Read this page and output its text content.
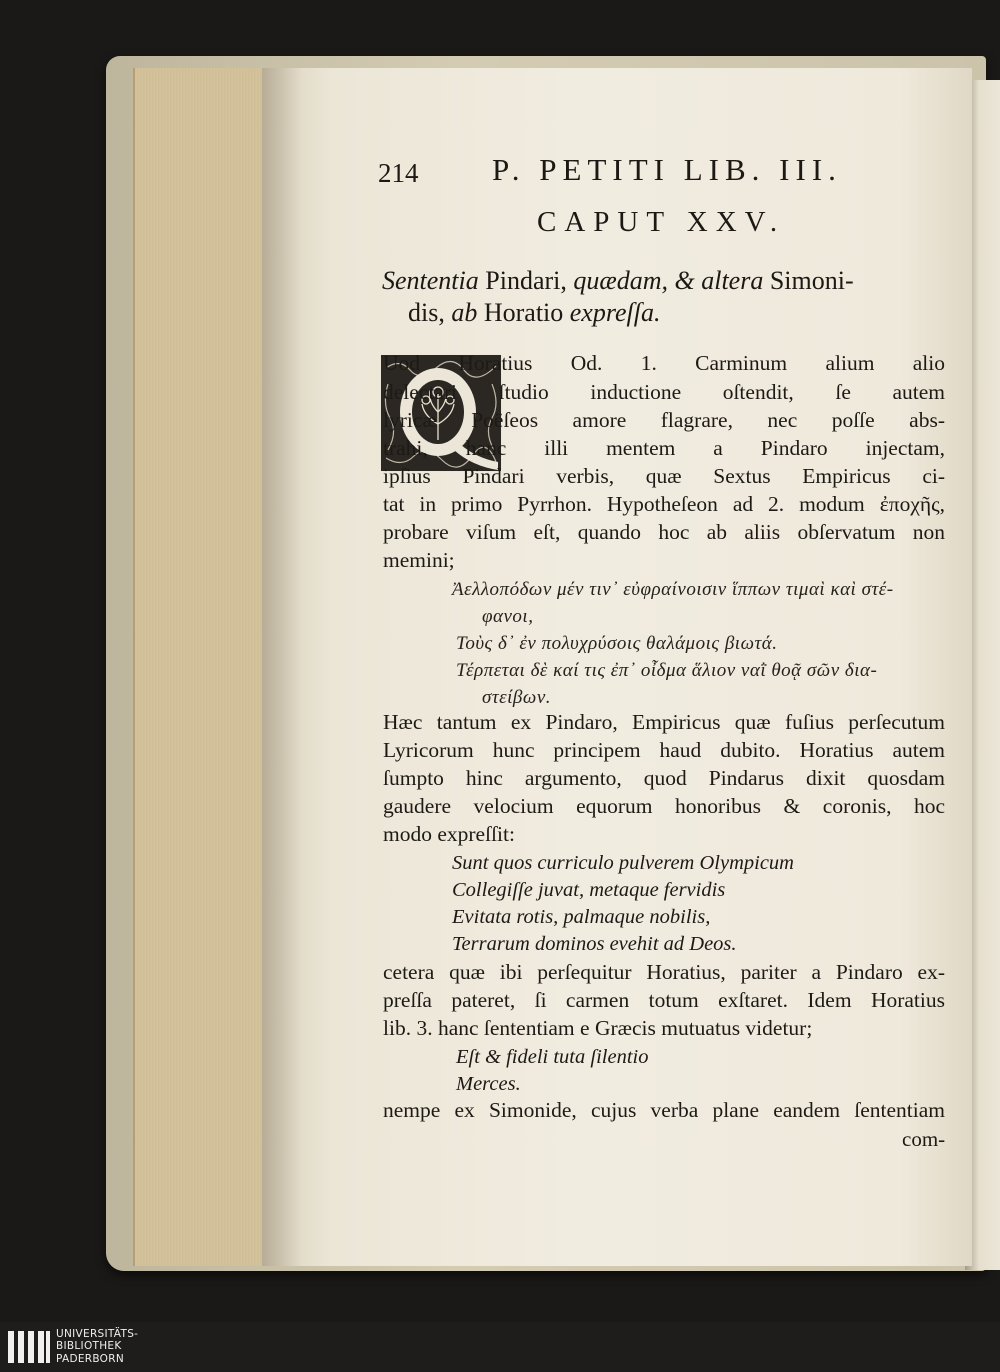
214 P. PETITI LIB. III.
CAPUT XXV.
Sententia Pindari, quædam, & altera Simoni-
dis, ab Horatio expreſſa.
Uod Horatius Od. 1. Carminum alium alio
delectari ſtudio inductione oſtendit, ſe autem
lyricæ Poëſeos amore flagrare, nec poſſe abs-
trahi, hanc illi mentem a Pindaro injectam,
ipſius Pindari verbis, quæ Sextus Empiricus ci-
tat in primo Pyrrhon. Hypotheſeon ad 2. modum ἐποχῆς,
probare viſum eſt, quando hoc ab aliis obſervatum non
memini;
Ἀελλοπόδων μέν τιν᾽ εὐφραίνοισιν ἵππων τιμαὶ καὶ στέ-
φανοι,
Τοὺς δ᾽ ἐν πολυχρύσοις θαλάμοις βιωτά.
Τέρπεται δὲ καί τις ἐπ᾽ οἶδμα ἅλιον ναῒ θοᾷ σῶν δια-
στείβων.
Hæc tantum ex Pindaro, Empiricus quæ fuſius perſecutum
Lyricorum hunc principem haud dubito. Horatius autem
ſumpto hinc argumento, quod Pindarus dixit quosdam
gaudere velocium equorum honoribus & coronis, hoc
modo expreſſit:
Sunt quos curriculo pulverem Olympicum
Collegiſſe juvat, metaque fervidis
Evitata rotis, palmaque nobilis,
Terrarum dominos evehit ad Deos.
cetera quæ ibi perſequitur Horatius, pariter a Pindaro ex-
preſſa pateret, ſi carmen totum exſtaret. Idem Horatius
lib. 3. hanc ſententiam e Græcis mutuatus videtur;
Eſt & fideli tuta ſilentio
Merces.
nempe ex Simonide, cujus verba plane eandem ſententiam
com-
UNIVERSITÄTS-
BIBLIOTHEK
PADERBORN
